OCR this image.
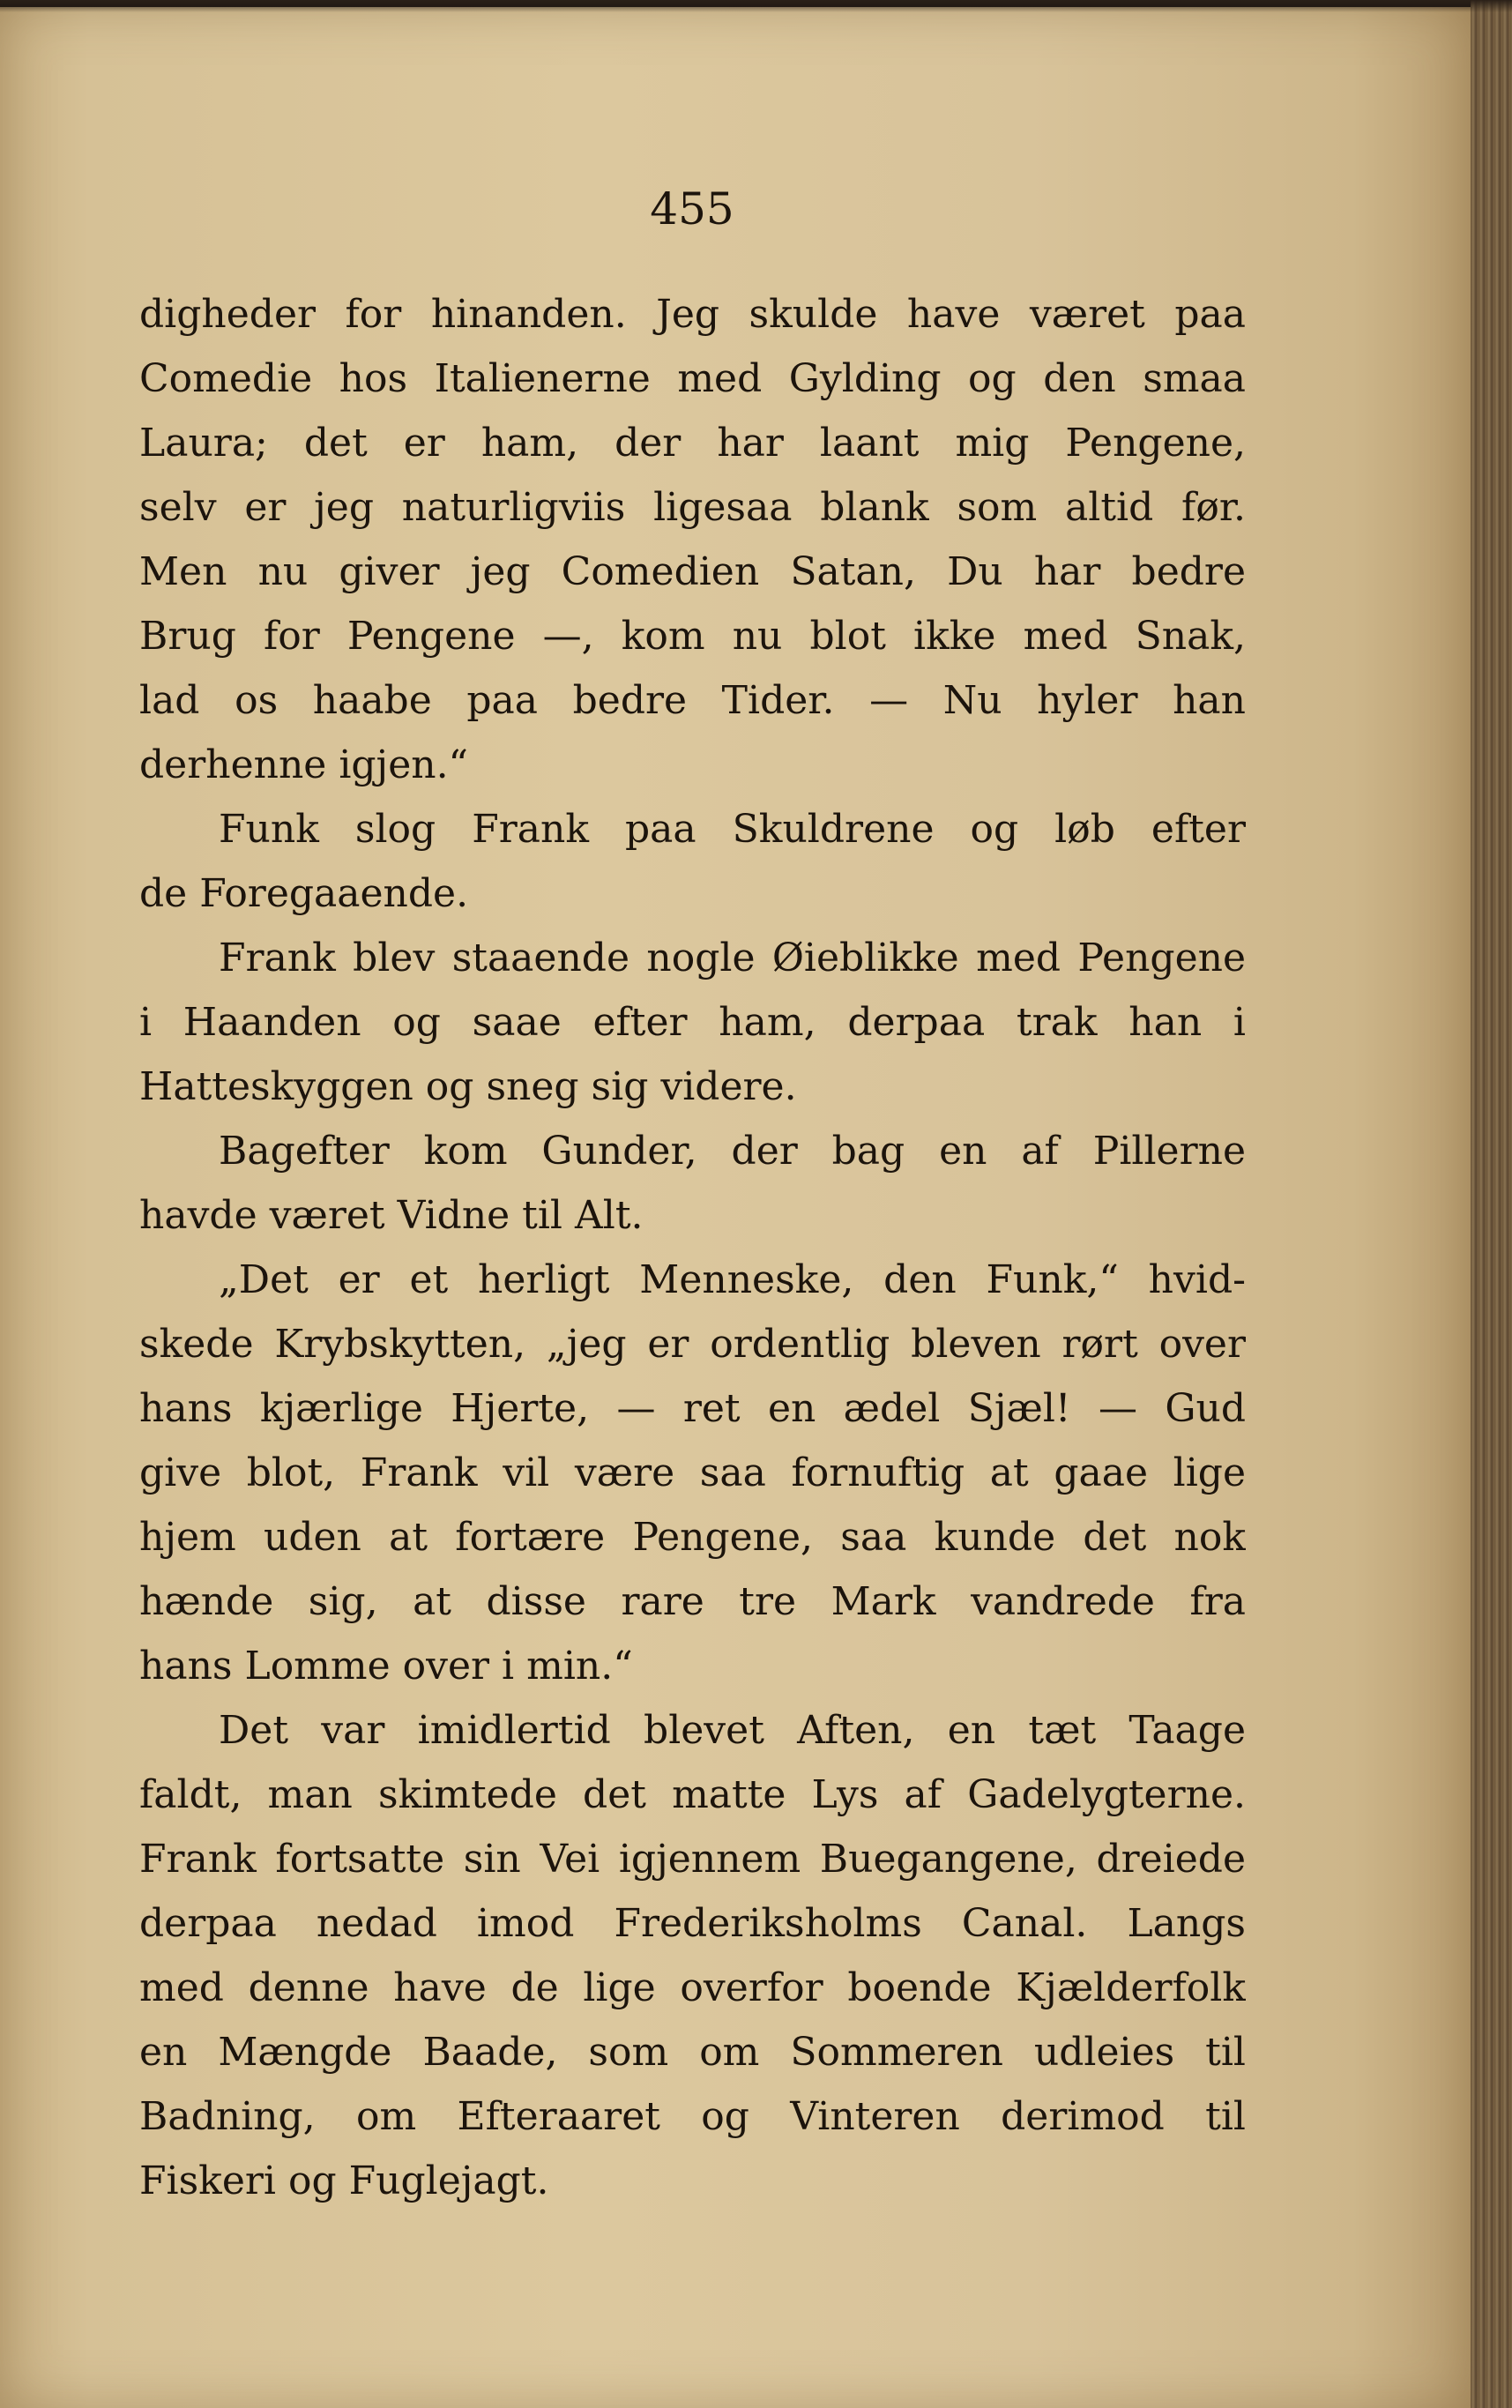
455
digheder for hinanden. Jeg skulde have været paa
Comedie hos Italienerne med Gylding og den smaa
Laura; det er ham, der har laant mig Pengene,
selv er jeg naturligviis ligesaa blank som altid før.
Men nu giver jeg Comedien Satan, Du har bedre
Brug for Pengene —, kom nu blot ikke med Snak,
lad os haabe paa bedre Tider. — Nu hyler han
derhenne igjen.“
Funk slog Frank paa Skuldrene og løb efter
de Foregaaende.
Frank blev staaende nogle Øieblikke med Pengene
i Haanden og saae efter ham, derpaa trak han i
Hatteskyggen og sneg sig videre.
Bagefter kom Gunder, der bag en af Pillerne
havde været Vidne til Alt.
„Det er et herligt Menneske, den Funk,“ hvid-
skede Krybskytten, „jeg er ordentlig bleven rørt over
hans kjærlige Hjerte, — ret en ædel Sjæl! — Gud
give blot, Frank vil være saa fornuftig at gaae lige
hjem uden at fortære Pengene, saa kunde det nok
hænde sig, at disse rare tre Mark vandrede fra
hans Lomme over i min.“
Det var imidlertid blevet Aften, en tæt Taage
faldt, man skimtede det matte Lys af Gadelygterne.
Frank fortsatte sin Vei igjennem Buegangene, dreiede
derpaa nedad imod Frederiksholms Canal. Langs
med denne have de lige overfor boende Kjælderfolk
en Mængde Baade, som om Sommeren udleies til
Badning, om Efteraaret og Vinteren derimod til
Fiskeri og Fuglejagt.
